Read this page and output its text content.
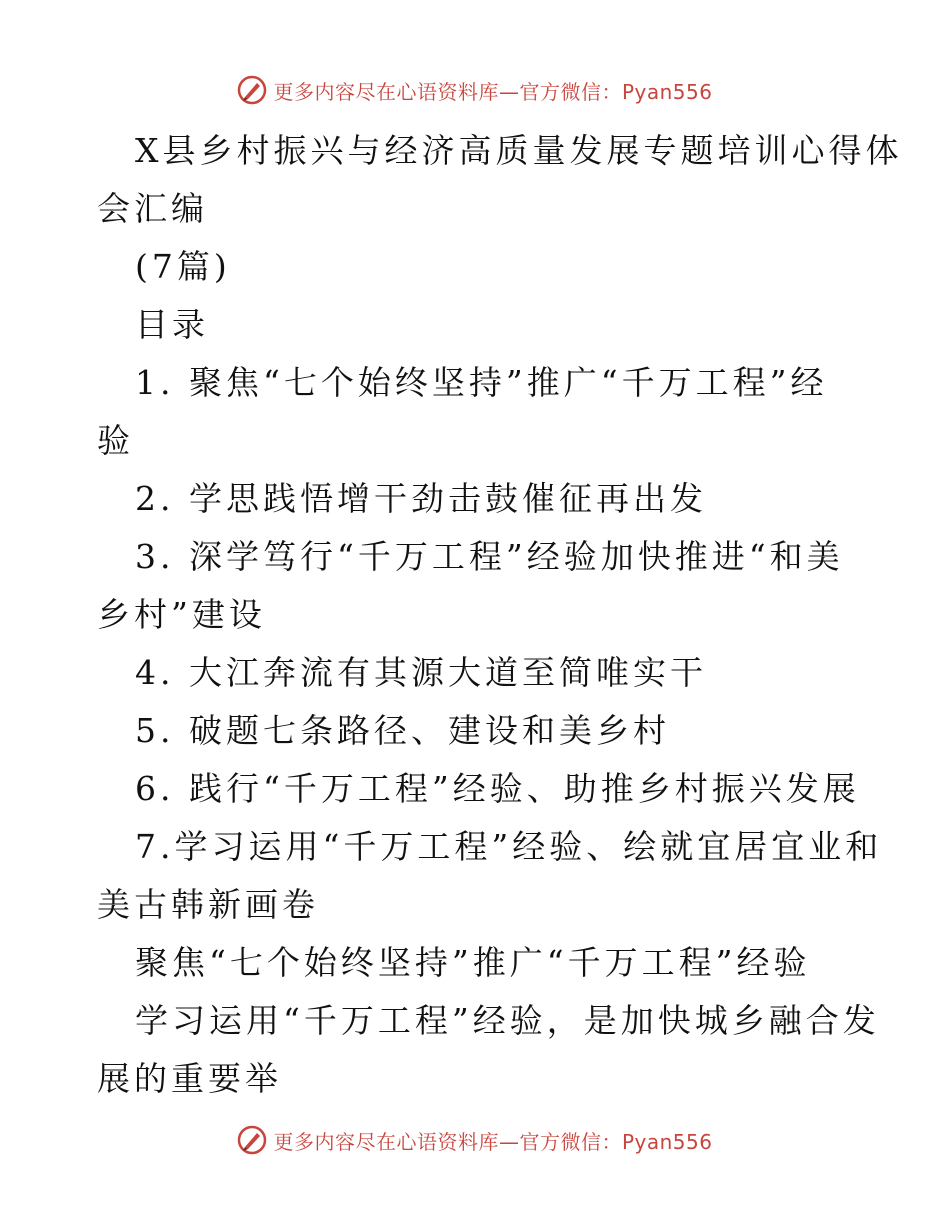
更多内容尽在心语资料库—官方微信：Pyan556

X县乡村振兴与经济高质量发展专题培训心得体

会汇编

(7篇)

目录

1. 聚焦“七个始终坚持”推广“千万工程”经

验

2. 学思践悟增干劲击鼓催征再出发

3. 深学笃行“千万工程”经验加快推进“和美

乡村”建设

4. 大江奔流有其源大道至简唯实干

5. 破题七条路径、建设和美乡村

6. 践行“千万工程”经验、助推乡村振兴发展

7.学习运用“千万工程”经验、绘就宜居宜业和

美古韩新画卷

聚焦“七个始终坚持”推广“千万工程”经验

学习运用“千万工程”经验，是加快城乡融合发

展的重要举

更多内容尽在心语资料库—官方微信：Pyan556
